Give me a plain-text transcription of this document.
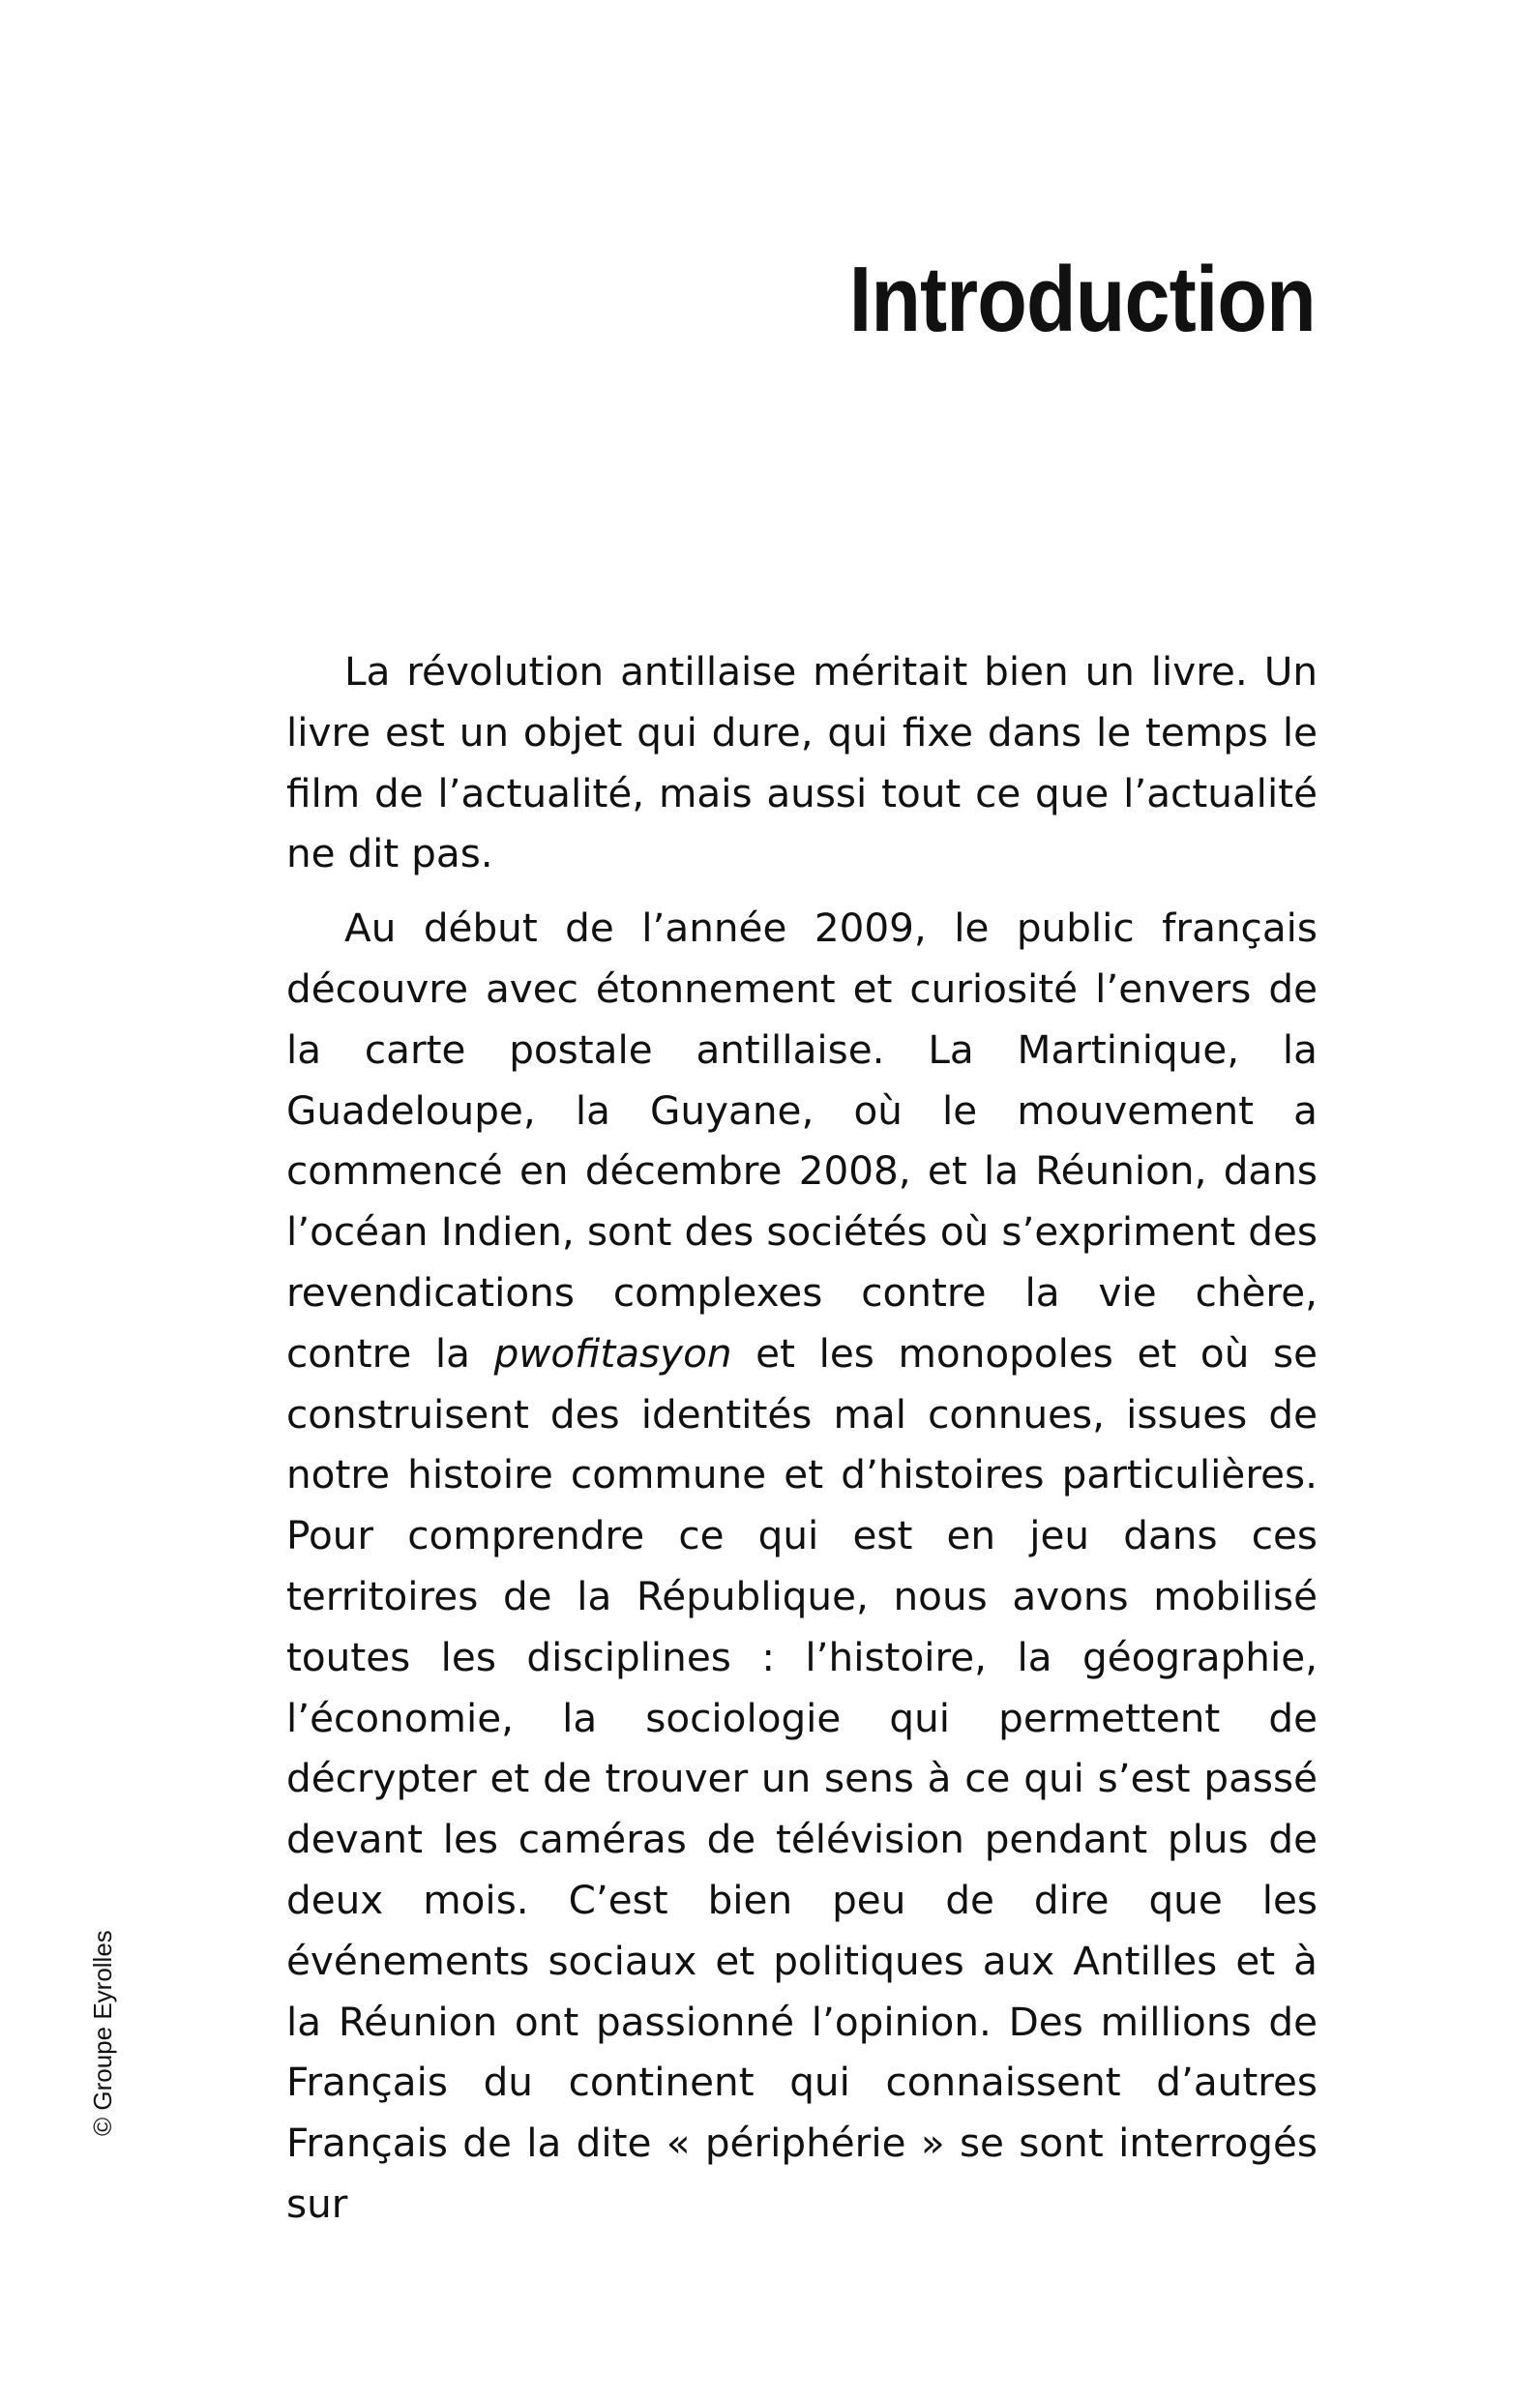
Introduction

La révolution antillaise méritait bien un livre. Un livre est un objet qui dure, qui fixe dans le temps le film de l’actualité, mais aussi tout ce que l’actualité ne dit pas.

Au début de l’année 2009, le public français découvre avec étonnement et curiosité l’envers de la carte postale antillaise. La Martinique, la Guadeloupe, la Guyane, où le mouvement a commencé en décembre 2008, et la Réunion, dans l’océan Indien, sont des sociétés où s’expriment des revendications complexes contre la vie chère, contre la pwofitasyon et les monopoles et où se construisent des identités mal connues, issues de notre histoire commune et d’histoires particulières. Pour comprendre ce qui est en jeu dans ces territoires de la République, nous avons mobilisé toutes les disciplines : l’histoire, la géographie, l’économie, la sociologie qui permettent de décrypter et de trouver un sens à ce qui s’est passé devant les caméras de télévision pendant plus de deux mois. C’est bien peu de dire que les événements sociaux et politiques aux Antilles et à la Réunion ont passionné l’opinion. Des millions de Français du continent qui connaissent d’autres Français de la dite « périphérie » se sont interrogés sur

© Groupe Eyrolles
